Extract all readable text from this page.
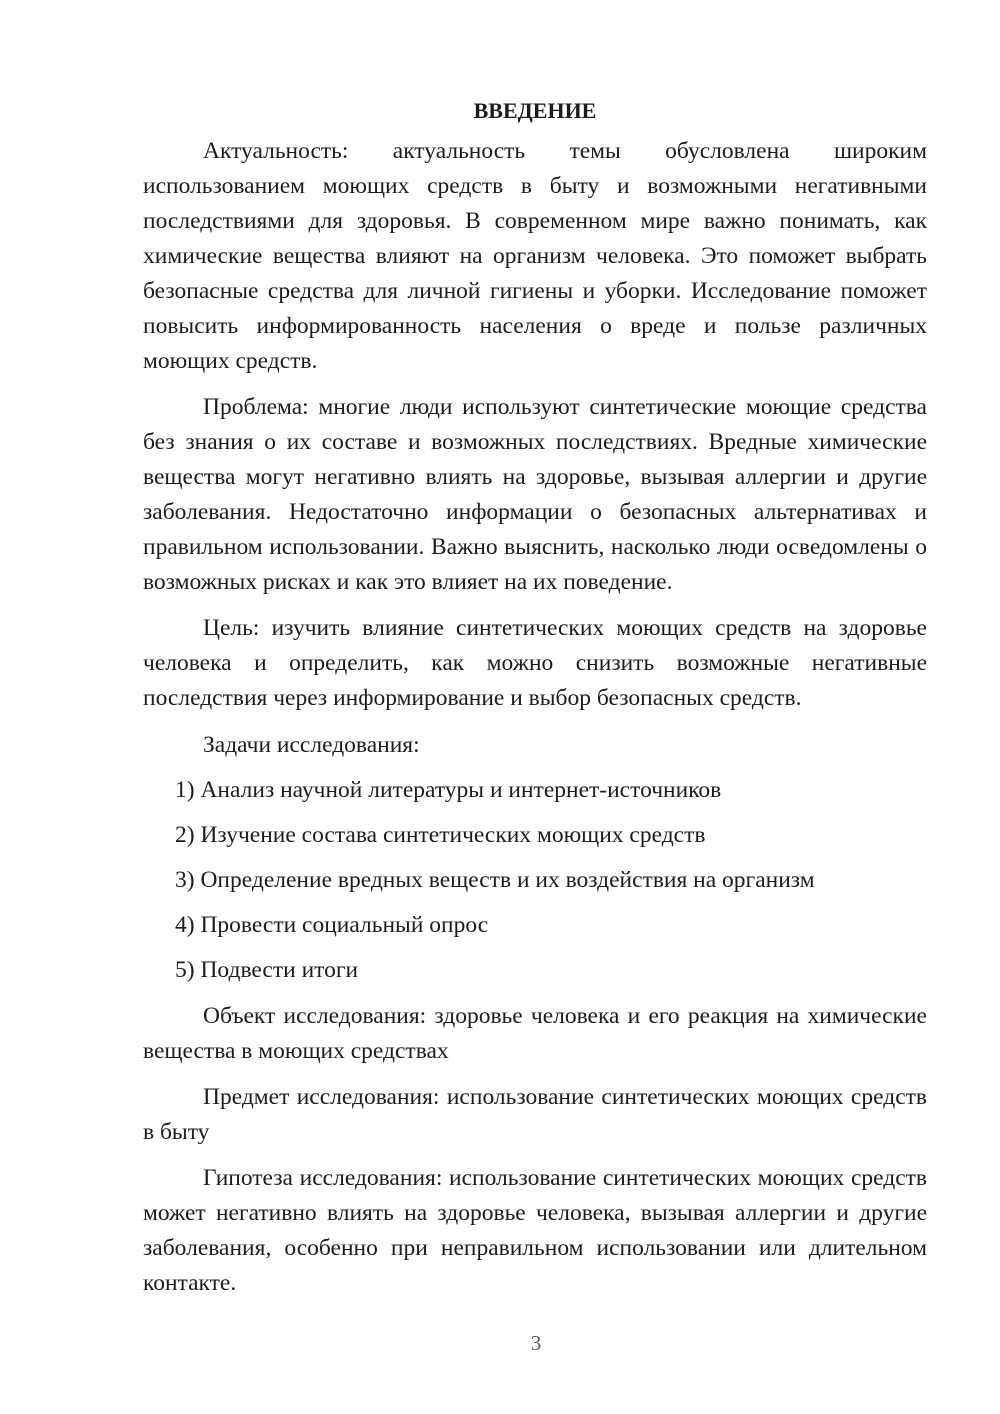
ВВЕДЕНИЕ

Актуальность: актуальность темы обусловлена широким использованием моющих средств в быту и возможными негативными последствиями для здоровья. В современном мире важно понимать, как химические вещества влияют на организм человека. Это поможет выбрать безопасные средства для личной гигиены и уборки. Исследование поможет повысить информированность населения о вреде и пользе различных моющих средств.

Проблема: многие люди используют синтетические моющие средства без знания о их составе и возможных последствиях. Вредные химические вещества могут негативно влиять на здоровье, вызывая аллергии и другие заболевания. Недостаточно информации о безопасных альтернативах и правильном использовании. Важно выяснить, насколько люди осведомлены о возможных рисках и как это влияет на их поведение.

Цель: изучить влияние синтетических моющих средств на здоровье человека и определить, как можно снизить возможные негативные последствия через информирование и выбор безопасных средств.

Задачи исследования:

1) Анализ научной литературы и интернет-источников
2) Изучение состава синтетических моющих средств
3) Определение вредных веществ и их воздействия на организм
4) Провести социальный опрос
5) Подвести итоги

Объект исследования: здоровье человека и его реакция на химические вещества в моющих средствах

Предмет исследования: использование синтетических моющих средств в быту

Гипотеза исследования: использование синтетических моющих средств может негативно влиять на здоровье человека, вызывая аллергии и другие заболевания, особенно при неправильном использовании или длительном контакте.

3
